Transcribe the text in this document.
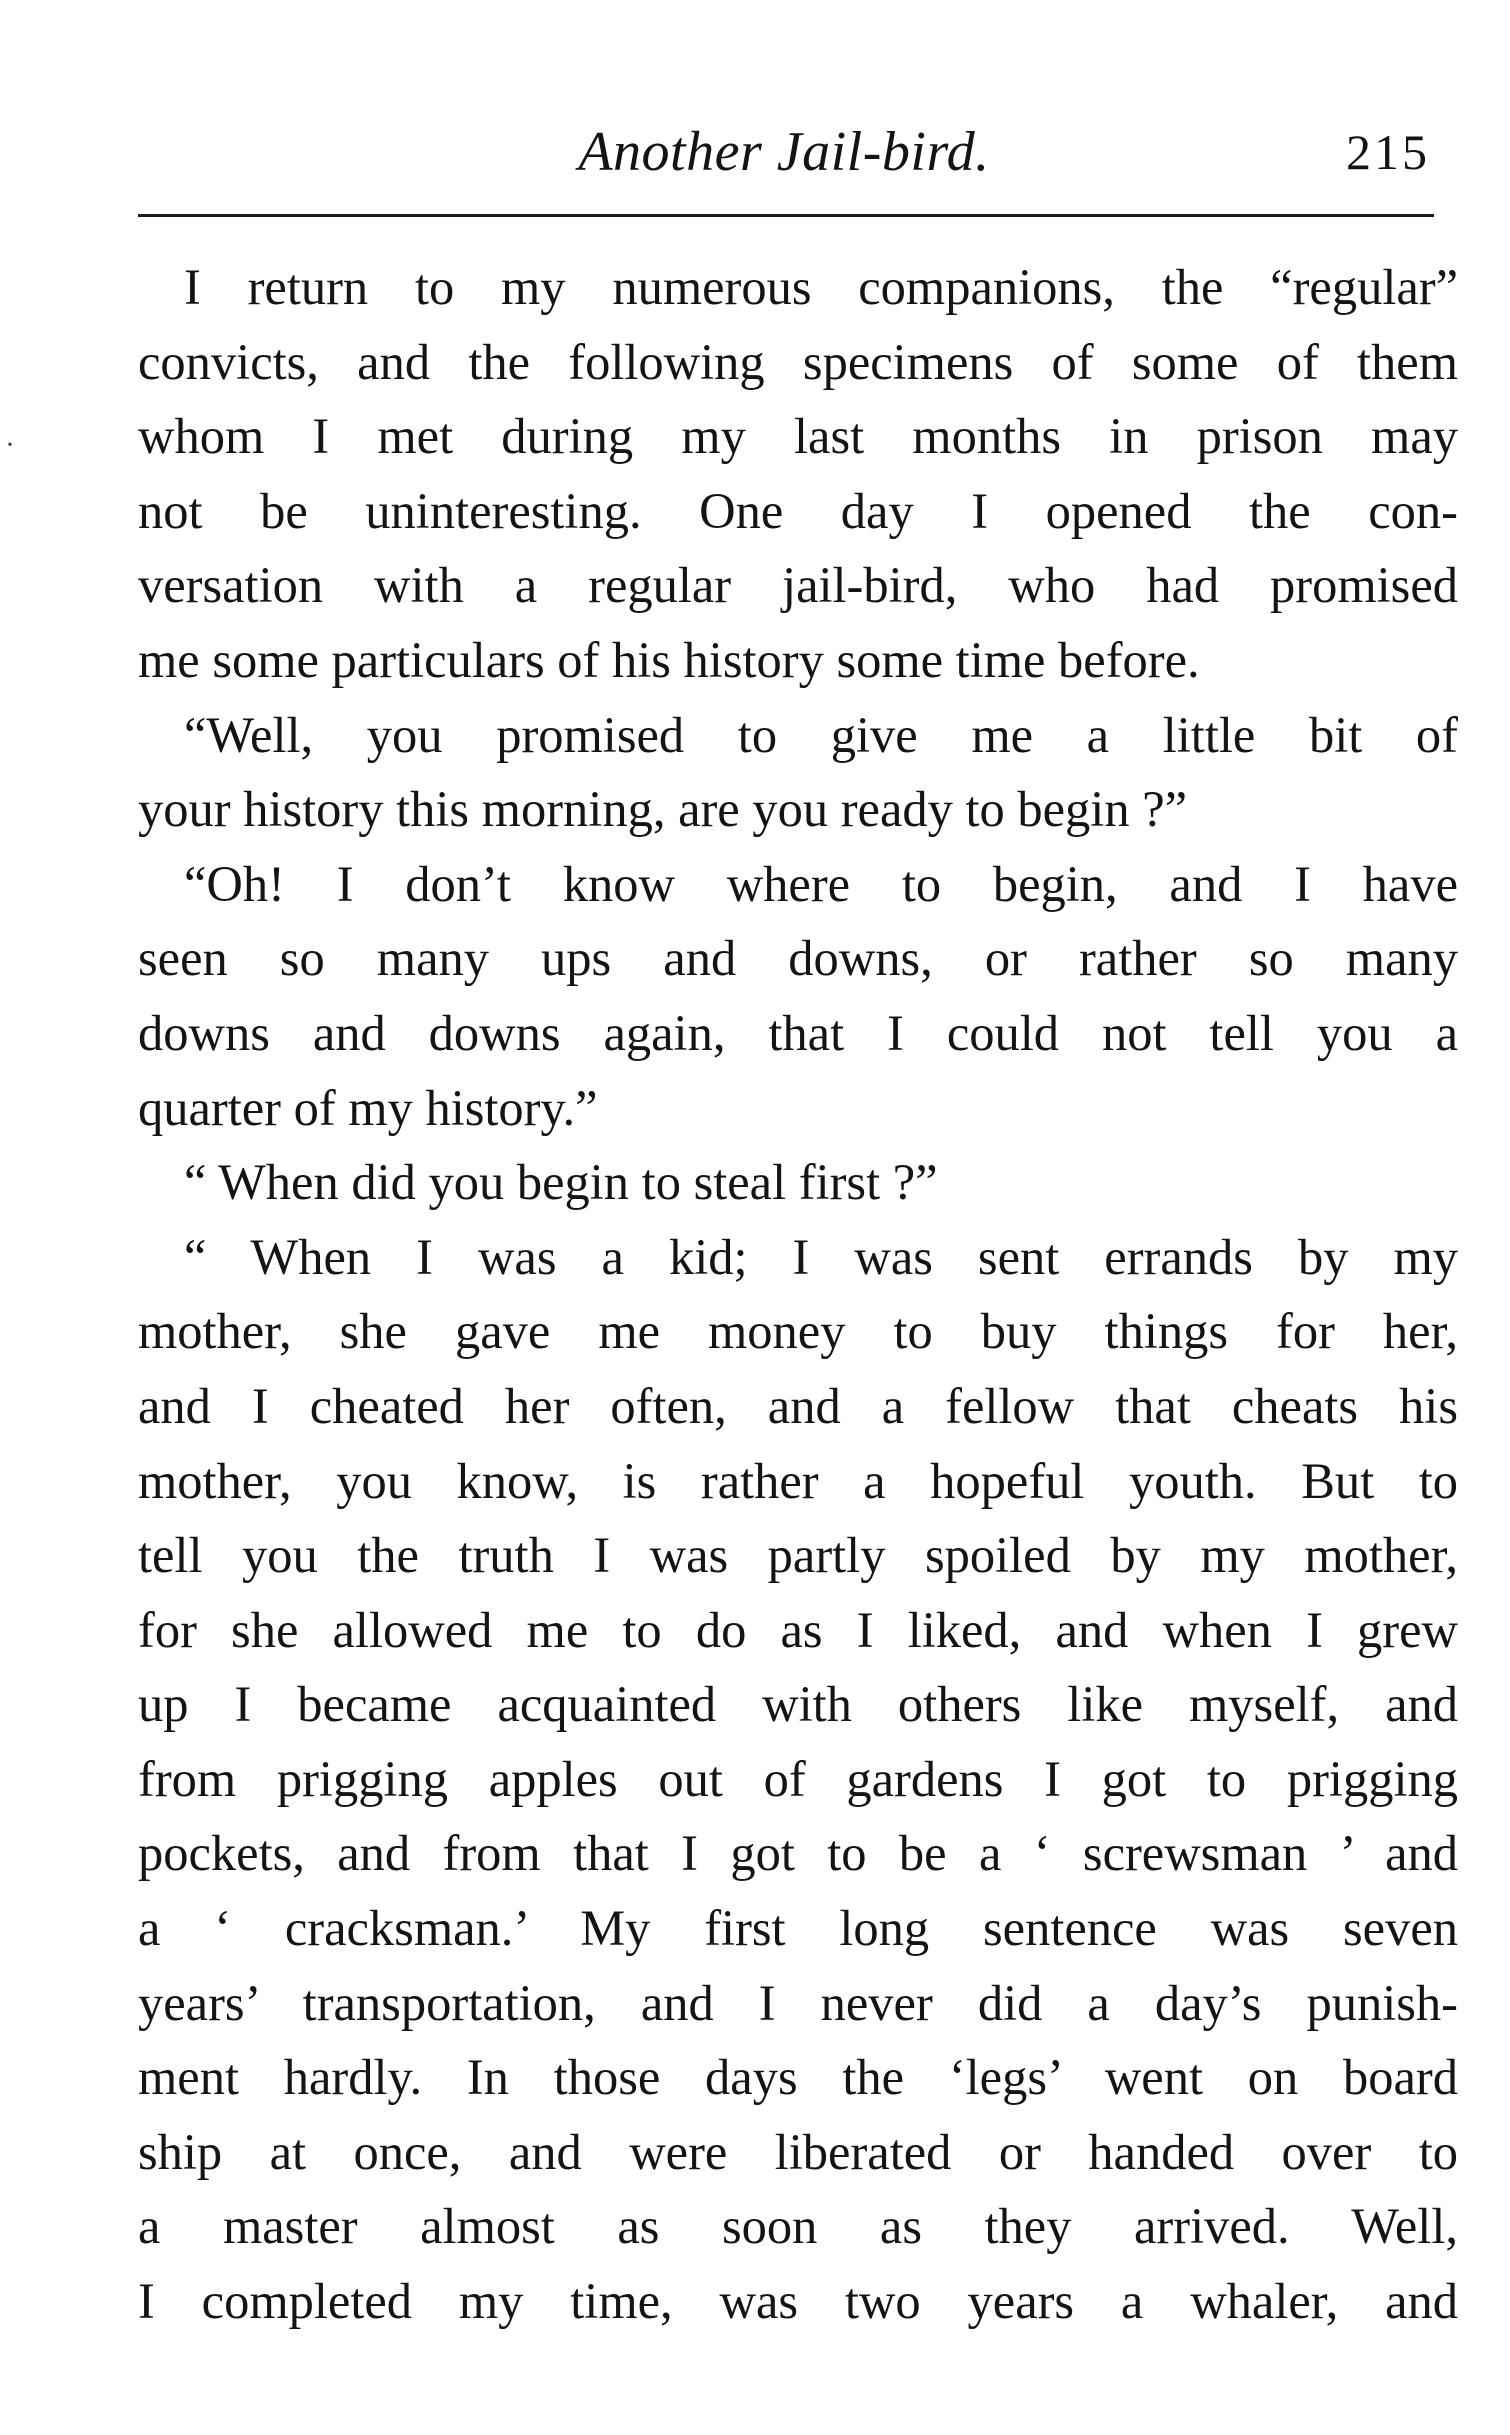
Another Jail-bird.	215
·
I return to my numerous companions, the “regular”
convicts, and the following specimens of some of them
whom I met during my last months in prison may
not be uninteresting. One day I opened the con-
versation with a regular jail-bird, who had promised
me some particulars of his history some time before.
“Well, you promised to give me a little bit of
your history this morning, are you ready to begin ?”
“Oh! I don’t know where to begin, and I have
seen so many ups and downs, or rather so many
downs and downs again, that I could not tell you a
quarter of my history.”
“ When did you begin to steal first ?”
“ When I was a kid; I was sent errands by my
mother, she gave me money to buy things for her,
and I cheated her often, and a fellow that cheats his
mother, you know, is rather a hopeful youth. But to
tell you the truth I was partly spoiled by my mother,
for she allowed me to do as I liked, and when I grew
up I became acquainted with others like myself, and
from prigging apples out of gardens I got to prigging
pockets, and from that I got to be a ‘ screwsman ’ and
a ‘ cracksman.’ My first long sentence was seven
years’ transportation, and I never did a day’s punish-
ment hardly. In those days the ‘legs’ went on board
ship at once, and were liberated or handed over to
a master almost as soon as they arrived. Well,
I completed my time, was two years a whaler, and
